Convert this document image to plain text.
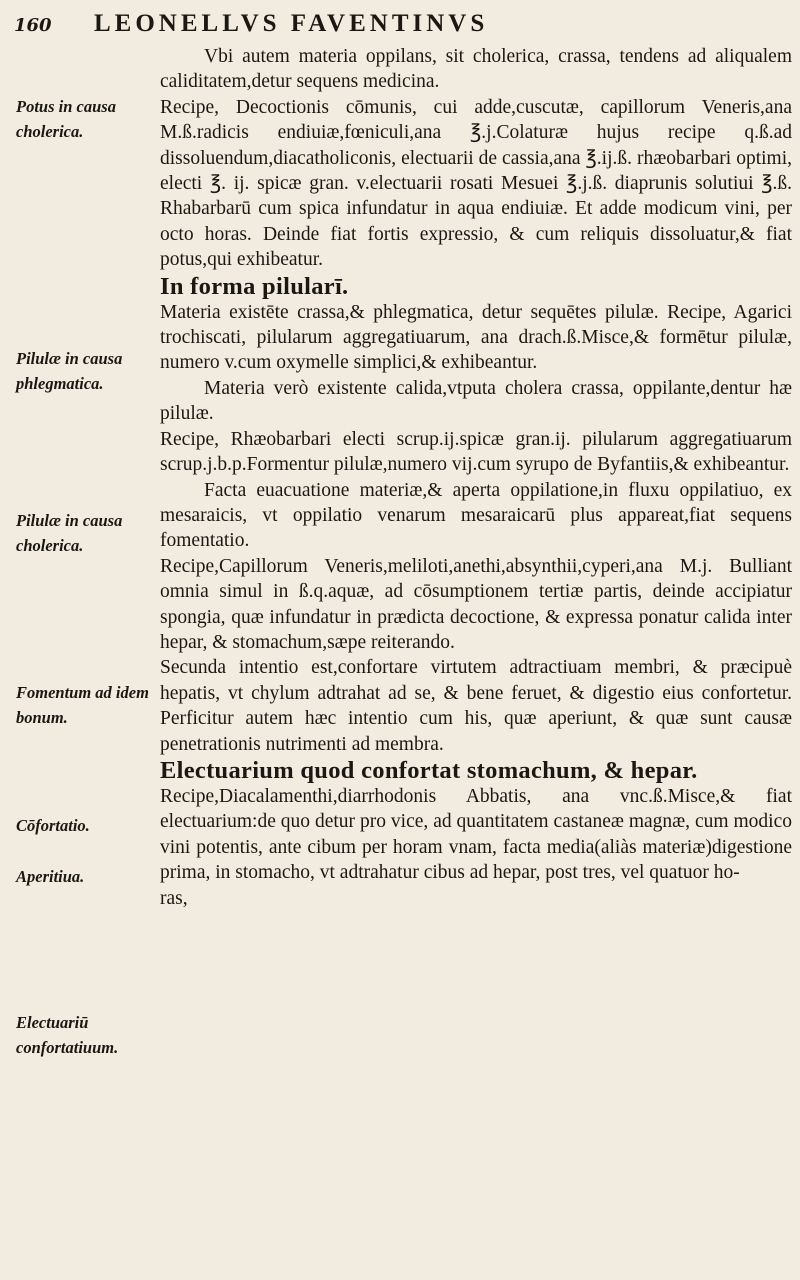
160	LEONELLVS FAVENTINVS

Vbi autem materia oppilans, sit cholerica, crassa, tendens ad aliqualem caliditatem,detur sequens medicina.

Recipe, Decoctionis cōmunis, cui adde,cuscutæ, capillorum Veneris,ana M.ß.radicis endiuiæ,fœniculi,ana ℥.j.Colaturæ hujus recipe q.ß.ad dissoluendum,diacatholiconis, electuarii de cassia,ana ℥.ij.ß. rhæobarbari optimi, electi ℥. ij. spicæ gran. v.electuarii rosati Mesuei ℥.j.ß. diaprunis solutiui ℥.ß. Rhabarbarū cum spica infundatur in aqua endiuiæ. Et adde modicum vini, per octo horas. Deinde fiat fortis expressio, & cum reliquis dissoluatur,& fiat potus,qui exhibeatur.

In forma pilularī.

Materia existēte crassa,& phlegmatica, detur sequētes pilulæ. Recipe, Agarici trochiscati, pilularum aggregatiuarum, ana drach.ß.Misce,& formētur pilulæ, numero v.cum oxymelle simplici,& exhibeantur.

Materia verò existente calida,vtputa cholera crassa, oppilante,dentur hæ pilulæ.

Recipe, Rhæobarbari electi scrup.ij.spicæ gran.ij. pilularum aggregatiuarum scrup.j.b.p.Formentur pilulæ,numero vij.cum syrupo de Byfantiis,& exhibeantur.

Facta euacuatione materiæ,& aperta oppilatione,in fluxu oppilatiuo, ex mesaraicis, vt oppilatio venarum mesaraicarū plus appareat,fiat sequens fomentatio.

Recipe,Capillorum Veneris,meliloti,anethi,absynthii,cyperi,ana M.j. Bulliant omnia simul in ß.q.aquæ, ad cōsumptionem tertiæ partis, deinde accipiatur spongia, quæ infundatur in prædicta decoctione, & expressa ponatur calida inter hepar, & stomachum,sæpe reiterando.

Secunda intentio est,confortare virtutem adtractiuam membri, & præcipuè hepatis, vt chylum adtrahat ad se, & bene feruet, & digestio eius confortetur. Perficitur autem hæc intentio cum his, quæ aperiunt, & quæ sunt causæ penetrationis nutrimenti ad membra.

Electuarium quod confortat stomachum, & hepar.

Recipe,Diacalamenthi,diarrhodonis Abbatis, ana vnc.ß.Misce,& fiat electuarium:de quo detur pro vice, ad quantitatem castaneæ magnæ, cum modico vini potentis, ante cibum per horam vnam, facta media(aliàs materiæ)digestione prima, in stomacho, vt adtrahatur cibus ad hepar, post tres, vel quatuor ho-

ras,

Potus in causa cholerica.
Pilulæ in causa phlegmatica.
Pilulæ in causa cholerica.
Fomentum ad idem bonum.
Cōfortatio.
Aperitiua.
Electuariū confortatiuum.
